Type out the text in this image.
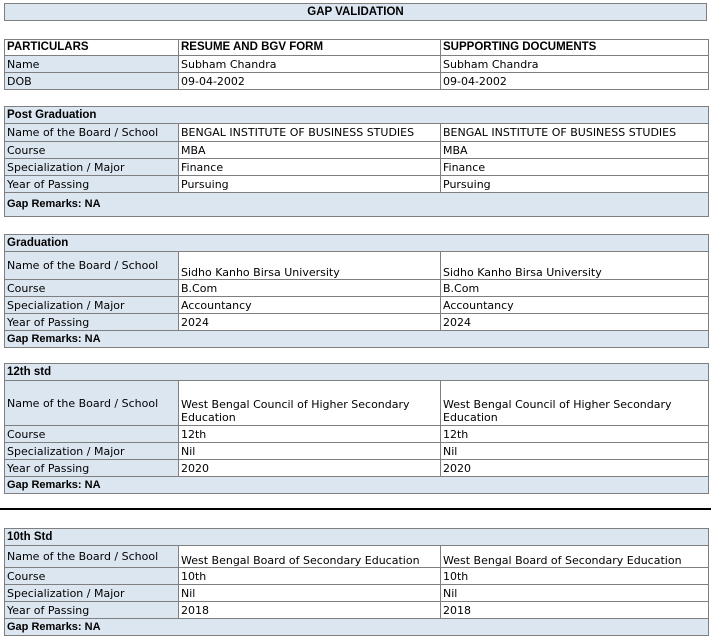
GAP VALIDATION
PARTICULARS	RESUME AND BGV FORM	SUPPORTING DOCUMENTS
Name	Subham Chandra	Subham Chandra
DOB	09-04-2002	09-04-2002
Post Graduation		
Name of the Board / School	BENGAL INSTITUTE OF BUSINESS STUDIES	BENGAL INSTITUTE OF BUSINESS STUDIES
Course	MBA	MBA
Specialization / Major	Finance	Finance
Year of Passing	Pursuing	Pursuing
Gap Remarks: NA		
Graduation		
Name of the Board / School	Sidho Kanho Birsa University	Sidho Kanho Birsa University
Course	B.Com	B.Com
Specialization / Major	Accountancy	Accountancy
Year of Passing	2024	2024
Gap Remarks: NA		
12th std		
Name of the Board / School	West Bengal Council of Higher Secondary Education	West Bengal Council of Higher Secondary Education
Course	12th	12th
Specialization / Major	Nil	Nil
Year of Passing	2020	2020
Gap Remarks: NA		
10th Std		
Name of the Board / School	West Bengal Board of Secondary Education	West Bengal Board of Secondary Education
Course	10th	10th
Specialization / Major	Nil	Nil
Year of Passing	2018	2018
Gap Remarks: NA		
